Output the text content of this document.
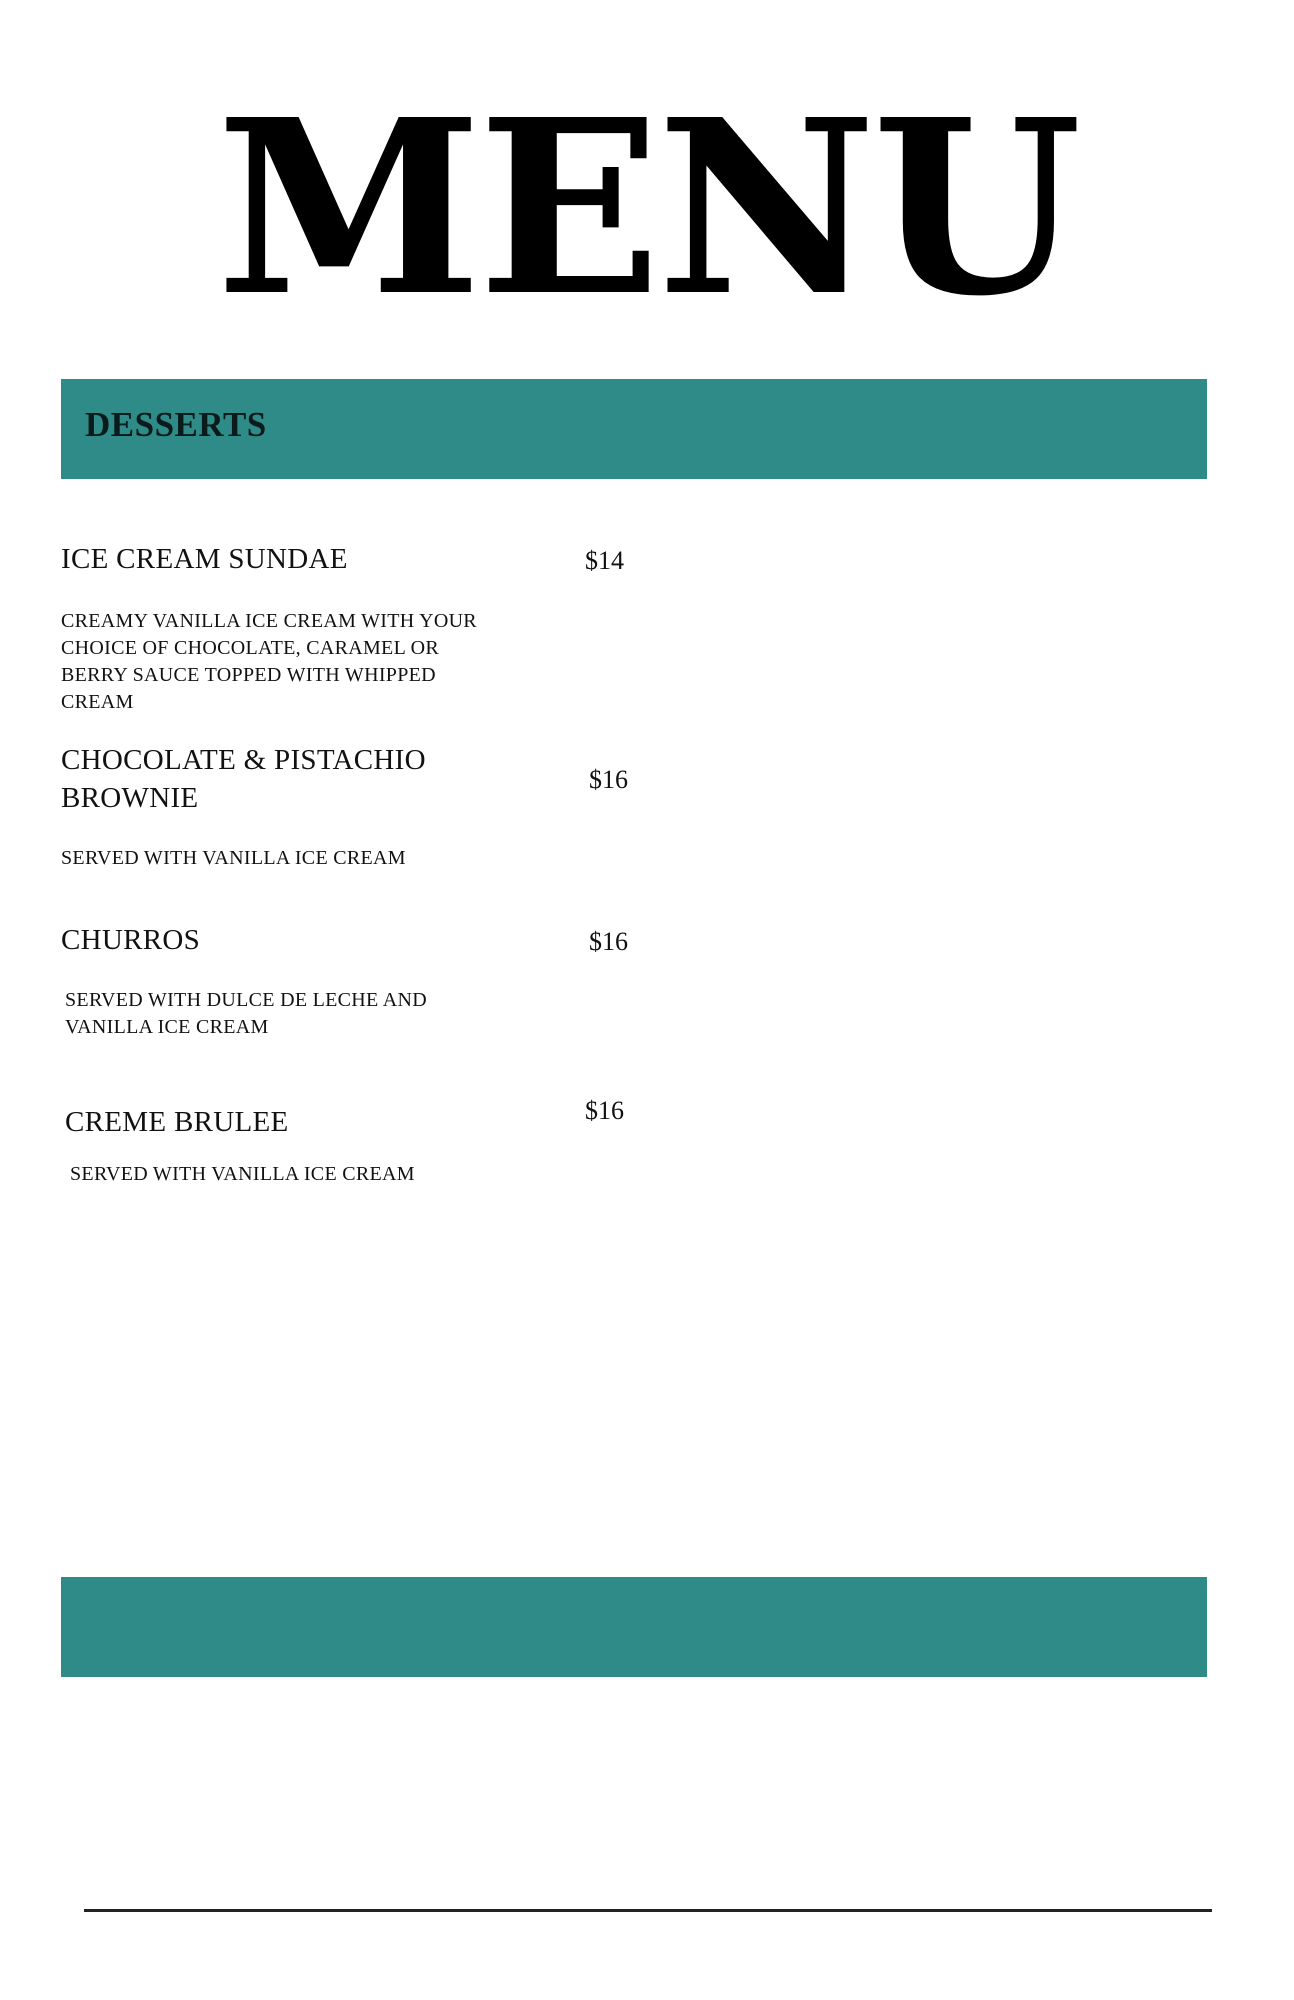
MENU
DESSERTS
ICE CREAM SUNDAE	$14
CREAMY VANILLA ICE CREAM WITH YOUR CHOICE OF CHOCOLATE, CARAMEL OR BERRY SAUCE TOPPED WITH WHIPPED CREAM
CHOCOLATE & PISTACHIO BROWNIE
$16
SERVED WITH VANILLA ICE CREAM
CHURROS	$16
SERVED WITH DULCE DE LECHE AND VANILLA ICE CREAM
CREME BRULEE	$16
SERVED WITH VANILLA ICE CREAM
